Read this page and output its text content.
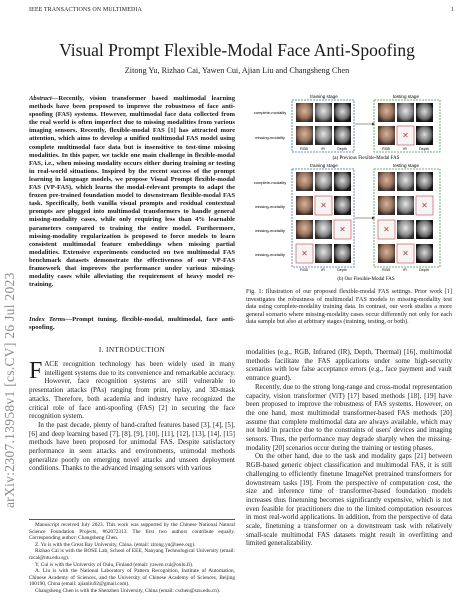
IEEE TRANSACTIONS ON MULTIMEDIA	1
Visual Prompt Flexible-Modal Face Anti-Spoofing
Zitong Yu, Rizhao Cai, Yawen Cui, Ajian Liu and Changsheng Chen
arXiv:2307.13958v1 [cs.CV] 26 Jul 2023
Abstract—Recently, vision transformer based multimodal learning methods have been proposed to improve the robustness of face anti-spoofing (FAS) systems. However, multimodal face data collected from the real world is often imperfect due to missing modalities from various imaging sensors. Recently, flexible-modal FAS [1] has attracted more attention, which aims to develop a unified multimodal FAS model using complete multimodal face data but is insensitive to test-time missing modalities. In this paper, we tackle one main challenge in flexible-modal FAS, i.e., when missing modality occurs either during training or testing in real-world situations. Inspired by the recent success of the prompt learning in language models, we propose Visual Prompt flexible-modal FAS (VP-FAS), which learns the modal-relevant prompts to adapt the frozen pre-trained foundation model to downstream flexible-modal FAS task. Specifically, both vanilla visual prompts and residual contextual prompts are plugged into multimodal transformers to handle general missing-modality cases, while only requiring less than 4% learnable parameters compared to training the entire model. Furthermore, missing-modality regularization is proposed to force models to learn consistent multimodal feature embeddings when missing partial modalities. Extensive experiments conducted on two multimodal FAS benchmark datasets demonstrate the effectiveness of our VP-FAS framework that improves the performance under various missing-modality cases while alleviating the requirement of heavy model re-training.
Index Terms—Prompt tuning, flexible-modal, multimodal, face anti-spoofing.
I. INTRODUCTION

FACE recognition technology has been widely used in many intelligent systems due to its convenience and remarkable accuracy. However, face recognition systems are still vulnerable to presentation attacks (PAs) ranging from print, replay, and 3D-mask attacks. Therefore, both academia and industry have recognized the critical role of face anti-spoofing (FAS) [2] in securing the face recognition system.

In the past decade, plenty of hand-crafted features based [3], [4], [5], [6] and deep learning based [7], [8], [9], [10], [11], [12], [13], [14], [15] methods have been proposed for unimodal FAS. Despite satisfactory performance in seen attacks and environments, unimodal methods generalize poorly on emerging novel attacks and unseen deployment conditions. Thanks to the advanced imaging sensors with various

Manuscript received July 2023. This work was supported by the Chinese National Natural Science Foundation Projects, #62072313. The first two authors contribute equally. Corresponding author: Changsheng Chen.

Z. Yu is with the Great Bay University, China. (email: zitong.yu@ieee.org).

Rizhao Cai is with the ROSE Lab, School of EEE, Nanyang Technological University (email: rzcai@ntu.edu.sg).

Y. Cui is with the University of Oulu, Finland (email: yawen.cui@oulu.fi).

A. Liu is with the National Laboratory of Pattern Recognition, Institute of Automation, Chinese Academy of Sciences, and the University of Chinese Academy of Sciences, Beijing 100190, China (email: ajianliu92@gmail.com).

Changsheng Chen is with the Shenzhen University, China (email: cschen@szu.edu.cn).

training stage	testing stage
complete-modality
missing-modality	✕
RGB	IR	Depth	RGB	IR	Depth
(a) Previous Flexible-Modal FAS
training stage	testing stage
complete-modality
missing-modality
missing-modality
missing-modality
✕
✕
✕
✕
✕
✕
RGB	IR	Depth	RGB	IR	Depth
(b) Our Flexible-Modal FAS
Fig. 1: Illustration of our proposed flexible-modal FAS settings. Prior work [1] investigates the robustness of multimodal FAS models to missing-modality test data using complete-modality training data. In contrast, our work studies a more general scenario where missing-modality cases occur differently not only for each data sample but also at arbitrary stages (training, testing, or both).

modalities (e.g., RGB, Infrared (IR), Depth, Thermal) [16], multimodal methods facilitate the FAS applications under some high-security scenarios with low false acceptance errors (e.g., face payment and vault entrance guard).

Recently, due to the strong long-range and cross-modal representation capacity, vision transformer (ViT) [17] based methods [18], [19] have been proposed to improve the robustness of FAS systems. However, on the one hand, most multimodal transformer-based FAS methods [20] assume that complete multimodal data are always available, which may not hold in practice due to the constraints of users' devices and imaging sensors. Thus, the performance may degrade sharply when the missing-modality [20] scenarios occur during the training or testing phases.

On the other hand, due to the task and modality gaps [21] between RGB-based generic object classification and multimodal FAS, it is still challenging to efficiently finetune ImageNet pretrained transformers for downstream tasks [19]. From the perspective of computation cost, the size and inference time of transformer-based foundation models increases thus finetuning becomes significantly expensive, which is not even feasible for practitioners due to the limited computation resources in most real-world applications. In addition, from the perspective of data scale, finetuning a transformer on a downstream task with relatively small-scale multimodal FAS datasets might result in overfitting and limited generalizability.
